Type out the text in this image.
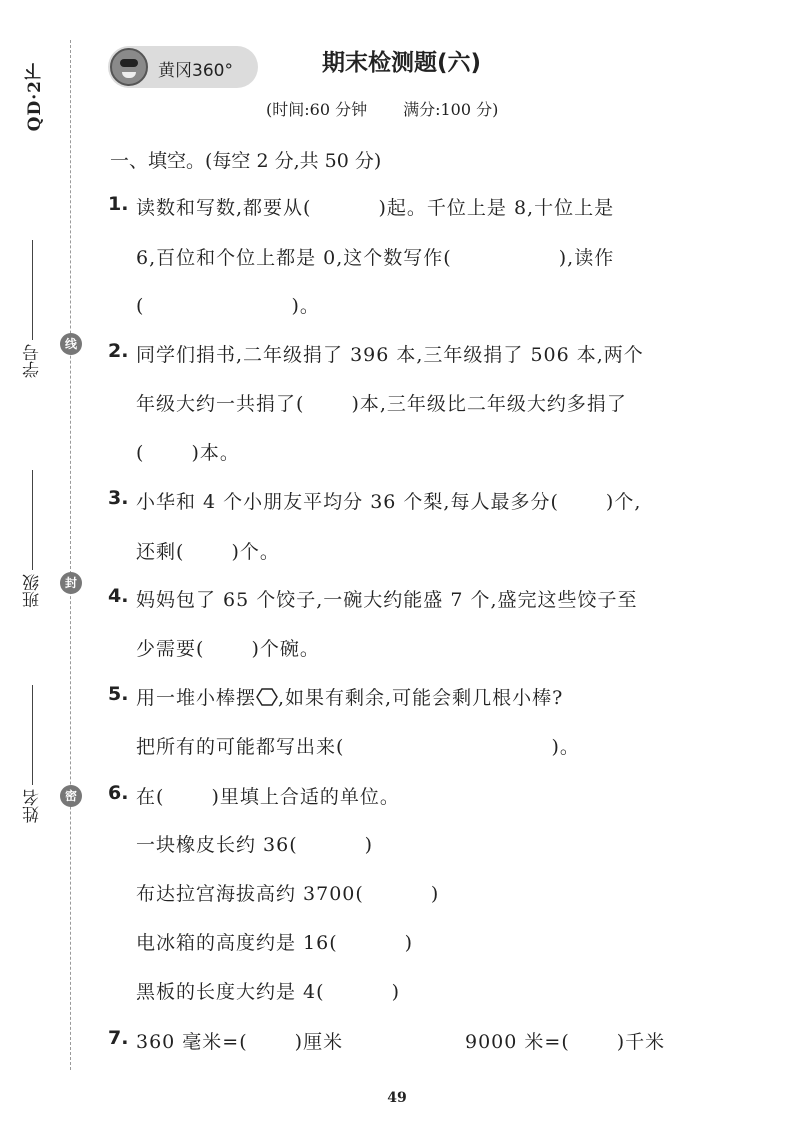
QD·2下
学号
班级
姓名
线
封
密
黄冈360°	期末检测题(六)
(时间:60 分钟 满分:100 分)
一、填空。(每空 2 分,共 50 分)
1. 读数和写数,都要从(　　　 )起。千位上是 8,十位上是
6,百位和个位上都是 0,这个数写作(　　　　　 ),读作
(　　　　　　　 )。
2. 同学们捐书,二年级捐了 396 本,三年级捐了 506 本,两个
年级大约一共捐了(　　 )本,三年级比二年级大约多捐了
(　　 )本。
3. 小华和 4 个小朋友平均分 36 个梨,每人最多分(　　 )个,
还剩(　　 )个。
4. 妈妈包了 65 个饺子,一碗大约能盛 7 个,盛完这些饺子至
少需要(　　 )个碗。
5. 用一堆小棒摆 ,如果有剩余,可能会剩几根小棒?
把所有的可能都写出来(　　　　　　　　　　 )。
6. 在(　　 )里填上合适的单位。
一块橡皮长约 36(　　　 )
布达拉宫海拔高约 3700(　　　 )
电冰箱的高度约是 16(　　　 )
黑板的长度大约是 4(　　　 )
7. 360 毫米=(　　 )厘米	9000 米=(　　 )千米
49
